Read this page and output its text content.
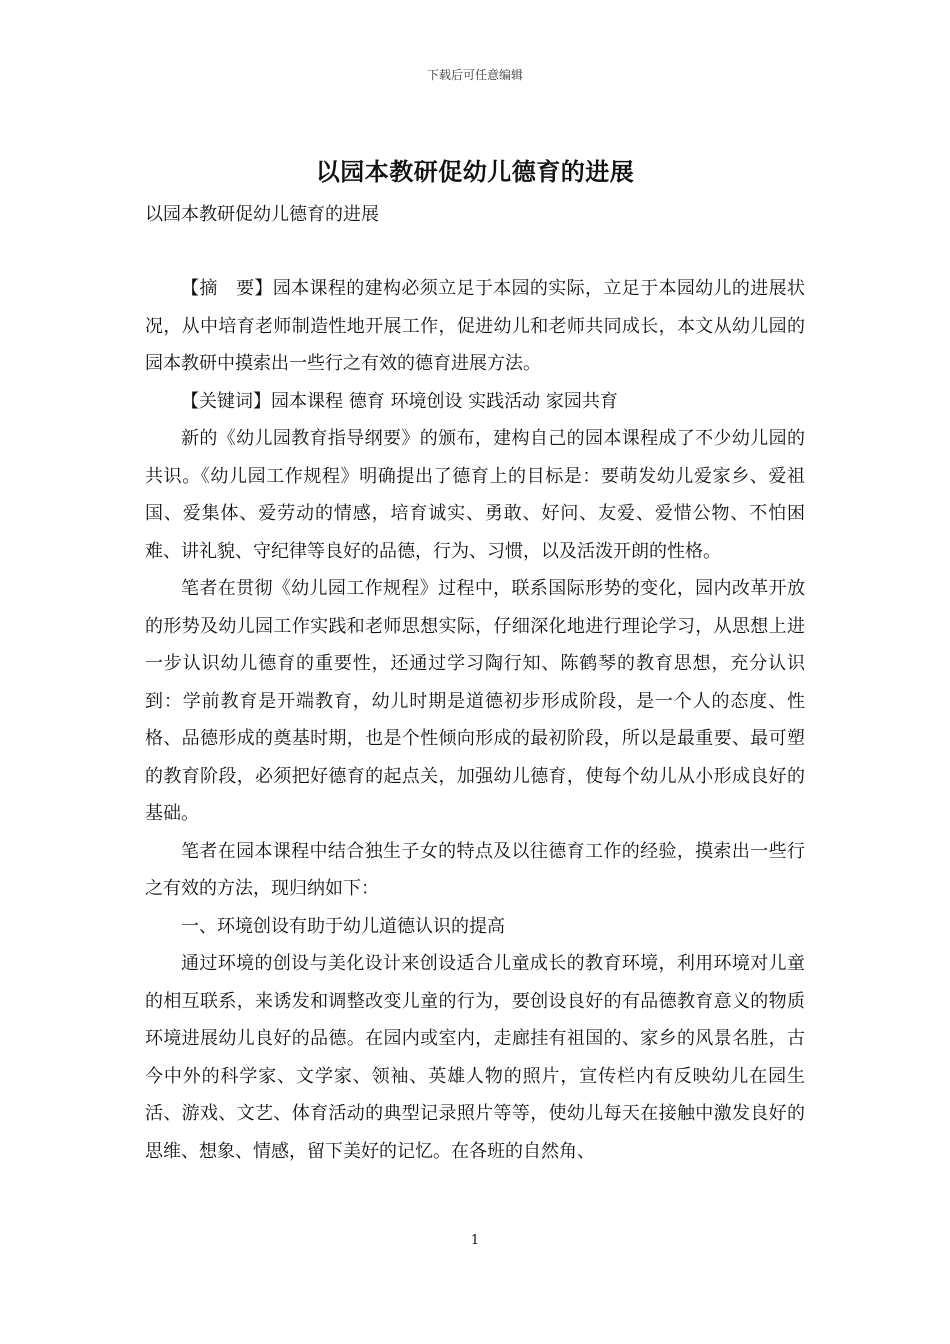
下载后可任意编辑
以园本教研促幼儿德育的进展
以园本教研促幼儿德育的进展

【摘　要】园本课程的建构必须立足于本园的实际，立足于本园幼儿的进展状况，从中培育老师制造性地开展工作，促进幼儿和老师共同成长，本文从幼儿园的园本教研中摸索出一些行之有效的德育进展方法。

【关键词】园本课程 德育 环境创设 实践活动 家园共育

新的《幼儿园教育指导纲要》的颁布，建构自己的园本课程成了不少幼儿园的共识。《幼儿园工作规程》明确提出了德育上的目标是：要萌发幼儿爱家乡、爱祖国、爱集体、爱劳动的情感，培育诚实、勇敢、好问、友爱、爱惜公物、不怕困难、讲礼貌、守纪律等良好的品德，行为、习惯，以及活泼开朗的性格。

笔者在贯彻《幼儿园工作规程》过程中，联系国际形势的变化，园内改革开放的形势及幼儿园工作实践和老师思想实际，仔细深化地进行理论学习，从思想上进一步认识幼儿德育的重要性，还通过学习陶行知、陈鹤琴的教育思想，充分认识到：学前教育是开端教育，幼儿时期是道德初步形成阶段，是一个人的态度、性格、品德形成的奠基时期，也是个性倾向形成的最初阶段，所以是最重要、最可塑的教育阶段，必须把好德育的起点关，加强幼儿德育，使每个幼儿从小形成良好的基础。

笔者在园本课程中结合独生子女的特点及以往德育工作的经验，摸索出一些行之有效的方法，现归纳如下：

一、环境创设有助于幼儿道德认识的提高

通过环境的创设与美化设计来创设适合儿童成长的教育环境，利用环境对儿童的相互联系，来诱发和调整改变儿童的行为，要创设良好的有品德教育意义的物质环境进展幼儿良好的品德。在园内或室内，走廊挂有祖国的、家乡的风景名胜，古今中外的科学家、文学家、领袖、英雄人物的照片，宣传栏内有反映幼儿在园生活、游戏、文艺、体育活动的典型记录照片等等，使幼儿每天在接触中激发良好的思维、想象、情感，留下美好的记忆。在各班的自然角、

1
